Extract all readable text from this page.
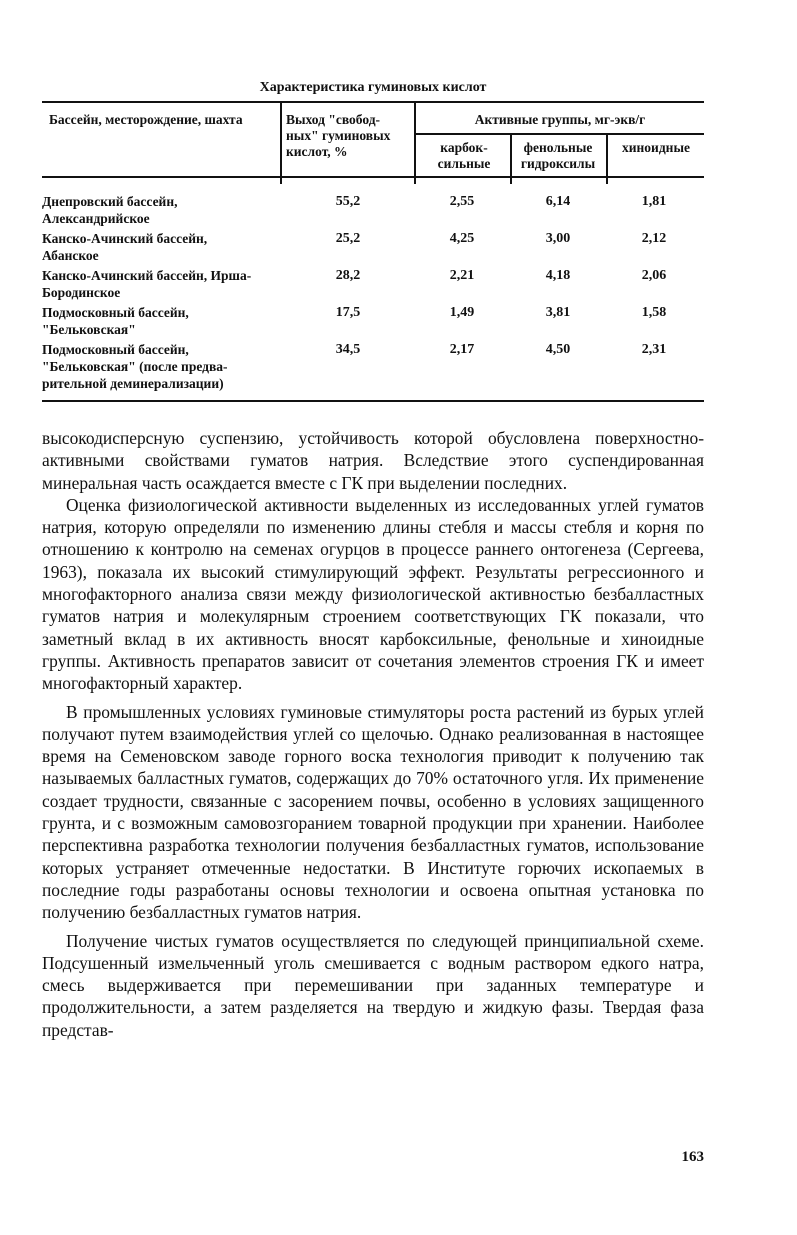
Характеристика гуминовых кислот
Бассейн, месторождение, шахта	Выход "свобод-ных" гуминовых кислот, %
Активные группы, мг-экв/г
карбок-сильные
фенольные гидроксилы
хиноидные
Днепровский бассейн, Александрийское
55,2	2,55	6,14	1,81
Канско-Ачинский бассейн, Абанское
25,2	4,25	3,00	2,12
Канско-Ачинский бассейн, Ирша-Бородинское
28,2	2,21	4,18	2,06
Подмосковный бассейн, "Бельковская"
17,5	1,49	3,81	1,58
Подмосковный бассейн, "Бельковская" (после предва-рительной деминерализации)
34,5	2,17	4,50	2,31

высокодисперсную суспензию, устойчивость которой обусловлена поверхностно-активными свойствами гуматов натрия. Вследствие этого суспендированная минеральная часть осаждается вместе с ГК при выделении последних.

Оценка физиологической активности выделенных из исследованных углей гуматов натрия, которую определяли по изменению длины стебля и массы стебля и корня по отношению к контролю на семенах огурцов в процессе раннего онтогенеза (Сергеева, 1963), показала их высокий стимулирующий эффект. Результаты регрессионного и многофакторного анализа связи между физиологической активностью безбалластных гуматов натрия и молекулярным строением соответствующих ГК показали, что заметный вклад в их активность вносят карбоксильные, фенольные и хиноидные группы. Активность препаратов зависит от сочетания элементов строения ГК и имеет многофакторный характер.

В промышленных условиях гуминовые стимуляторы роста растений из бурых углей получают путем взаимодействия углей со щелочью. Однако реализованная в настоящее время на Семеновском заводе горного воска технология приводит к получению так называемых балластных гуматов, содержащих до 70% остаточного угля. Их применение создает трудности, связанные с засорением почвы, особенно в условиях защищенного грунта, и с возможным самовозгоранием товарной продукции при хранении. Наиболее перспективна разработка технологии получения безбалластных гуматов, использование которых устраняет отмеченные недостатки. В Институте горючих ископаемых в последние годы разработаны основы технологии и освоена опытная установка по получению безбалластных гуматов натрия.

Получение чистых гуматов осуществляется по следующей принципиальной схеме. Подсушенный измельченный уголь смешивается с водным раствором едкого натра, смесь выдерживается при перемешивании при заданных температуре и продолжительности, а затем разделяется на твердую и жидкую фазы. Твердая фаза представ-

163
